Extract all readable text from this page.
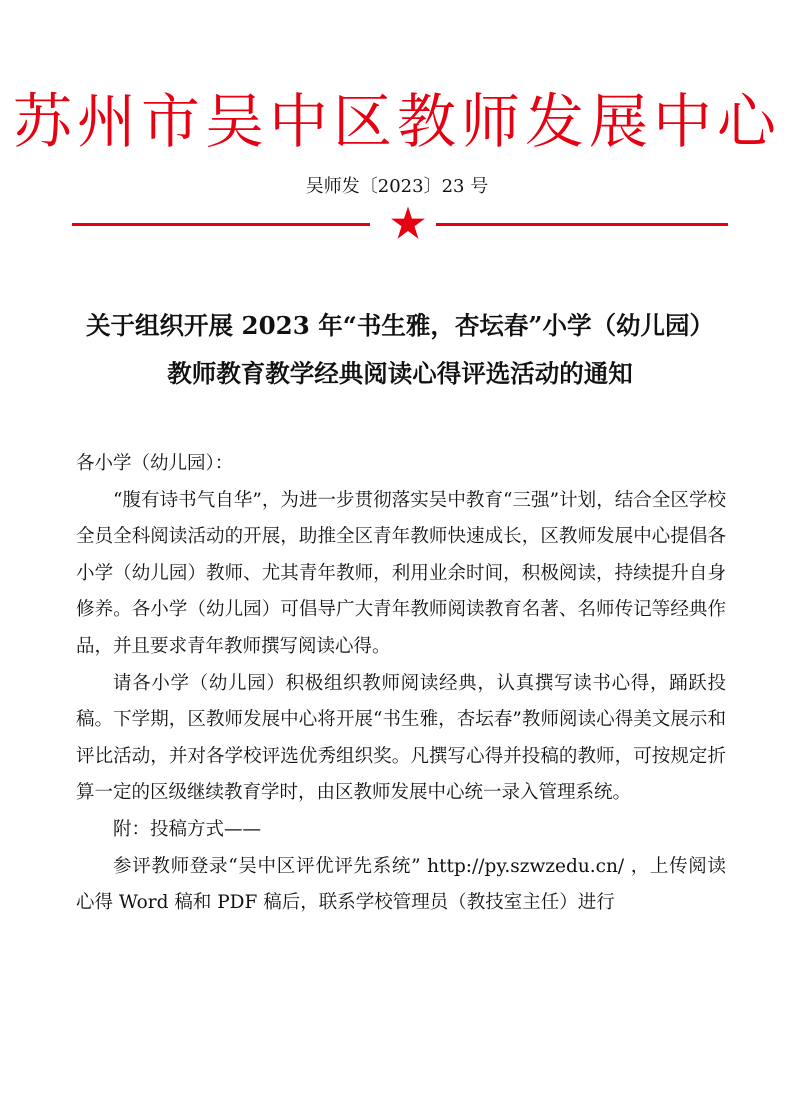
苏州市吴中区教师发展中心
吴师发〔2023〕23 号
关于组织开展 2023 年“书生雅，杏坛春”小学（幼儿园）
教师教育教学经典阅读心得评选活动的通知

各小学（幼儿园）：

“腹有诗书气自华”，为进一步贯彻落实吴中教育“三强”计划，结合全区学校全员全科阅读活动的开展，助推全区青年教师快速成长，区教师发展中心提倡各小学（幼儿园）教师、尤其青年教师，利用业余时间，积极阅读，持续提升自身修养。各小学（幼儿园）可倡导广大青年教师阅读教育名著、名师传记等经典作品，并且要求青年教师撰写阅读心得。

请各小学（幼儿园）积极组织教师阅读经典，认真撰写读书心得，踊跃投稿。下学期，区教师发展中心将开展“书生雅，杏坛春”教师阅读心得美文展示和评比活动，并对各学校评选优秀组织奖。凡撰写心得并投稿的教师，可按规定折算一定的区级继续教育学时，由区教师发展中心统一录入管理系统。

附：投稿方式——

参评教师登录“吴中区评优评先系统” http://py.szwzedu.cn/ ，上传阅读心得 Word 稿和 PDF 稿后，联系学校管理员（教技室主任）进行
